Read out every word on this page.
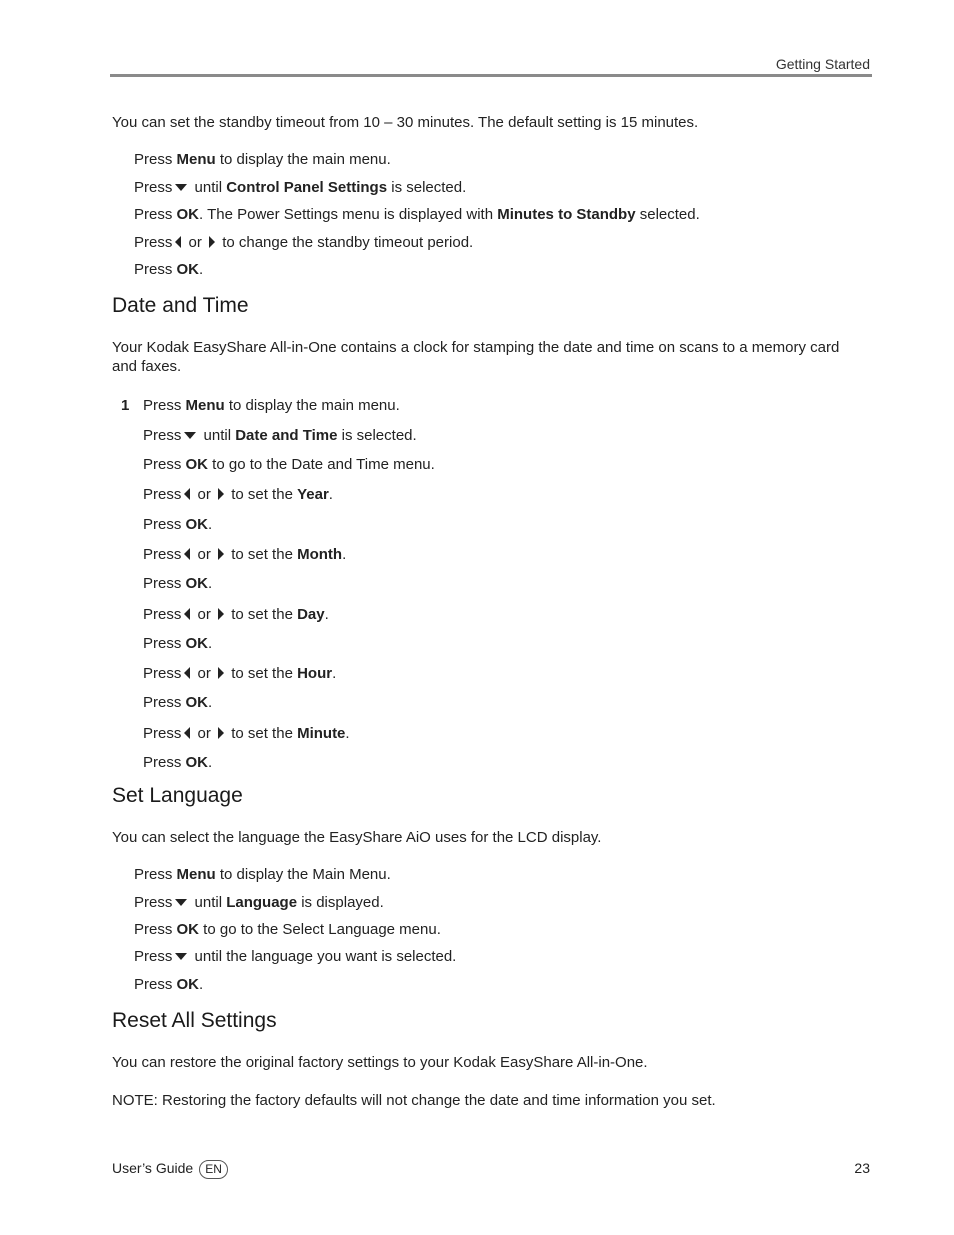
Getting Started
You can set the standby timeout from 10 – 30 minutes. The default setting is 15 minutes.
Press Menu to display the main menu.
Press until Control Panel Settings is selected.
Press OK. The Power Settings menu is displayed with Minutes to Standby selected.
Press or  to change the standby timeout period.
Press OK.
Date and Time
Your Kodak EasyShare All-in-One contains a clock for stamping the date and time on scans to a memory card and faxes.
1 Press Menu to display the main menu.
Press until Date and Time is selected.
Press OK to go to the Date and Time menu.
Press or  to set the Year.
Press OK.
Press or  to set the Month.
Press OK.
Press or  to set the Day.
Press OK.
Press or  to set the Hour.
Press OK.
Press or  to set the Minute.
Press OK.
Set Language
You can select the language the EasyShare AiO uses for the LCD display.
Press Menu to display the Main Menu.
Press until Language is displayed.
Press OK to go to the Select Language menu.
Press until the language you want is selected.
Press OK.
Reset All Settings
You can restore the original factory settings to your Kodak EasyShare All-in-One.
NOTE: Restoring the factory defaults will not change the date and time information you set.
User’s Guide EN	23
